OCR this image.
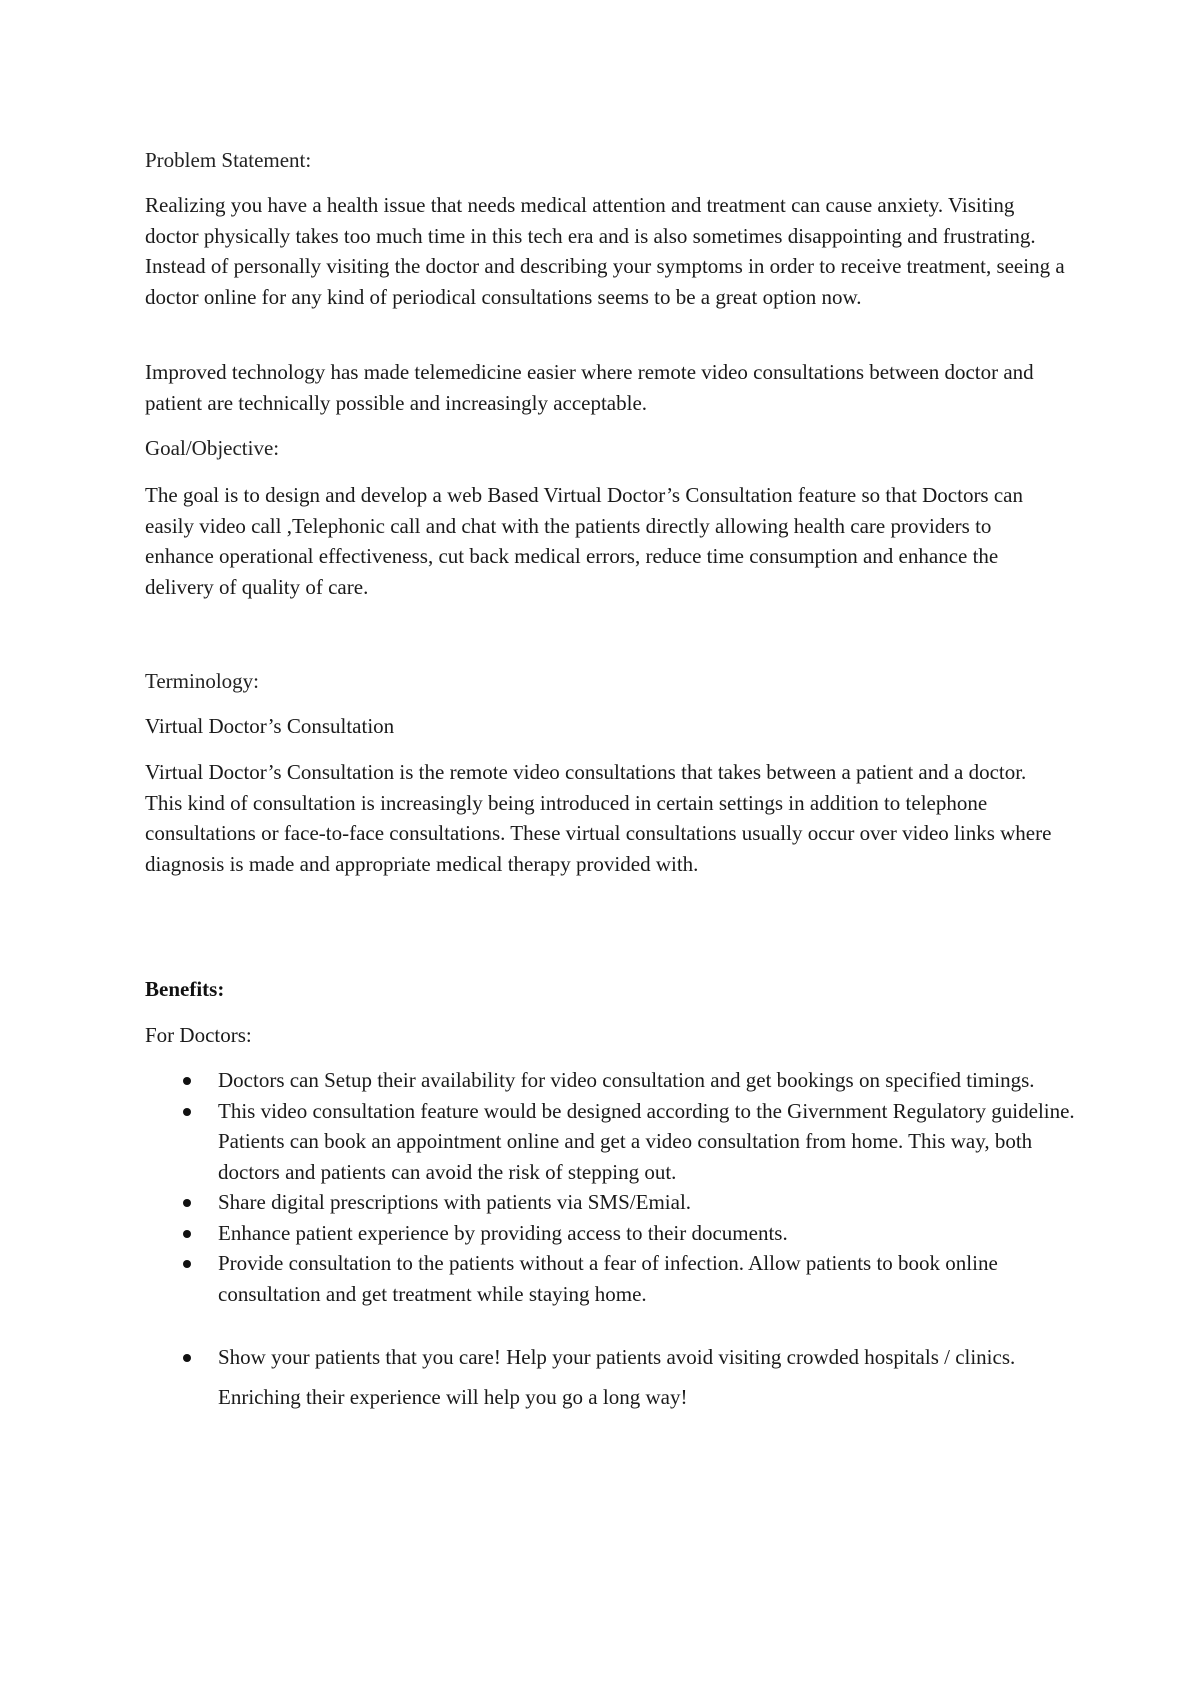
Problem Statement:

Realizing you have a health issue that needs medical attention and treatment can cause anxiety. Visiting doctor physically takes too much time in this tech era and is also sometimes disappointing and frustrating. Instead of personally visiting the doctor and describing your symptoms in order to receive treatment, seeing a doctor online for any kind of periodical consultations seems to be a great option now.

Improved technology has made telemedicine easier where remote video consultations between doctor and patient are technically possible and increasingly acceptable.

Goal/Objective:

The goal is to design and develop a web Based Virtual Doctor’s Consultation feature so that Doctors can easily video call ,Telephonic call and chat with the patients directly allowing health care providers to enhance operational effectiveness, cut back medical errors, reduce time consumption and enhance the delivery of quality of care.

Terminology:

Virtual Doctor’s Consultation

Virtual Doctor’s Consultation is the remote video consultations that takes between a patient and a doctor. This kind of consultation is increasingly being introduced in certain settings in addition to telephone consultations or face-to-face consultations. These virtual consultations usually occur over video links where diagnosis is made and appropriate medical therapy provided with.

Benefits:

For Doctors:

Doctors can Setup their availability for video consultation and get bookings on specified timings.
This video consultation feature would be designed according to the Givernment Regulatory guideline. Patients can book an appointment online and get a video consultation from home. This way, both doctors and patients can avoid the risk of stepping out.
Share digital prescriptions with patients via SMS/Emial.
Enhance patient experience by providing access to their documents.
Provide consultation to the patients without a fear of infection. Allow patients to book online consultation and get treatment while staying home.
Show your patients that you care! Help your patients avoid visiting crowded hospitals / clinics. Enriching their experience will help you go a long way!
